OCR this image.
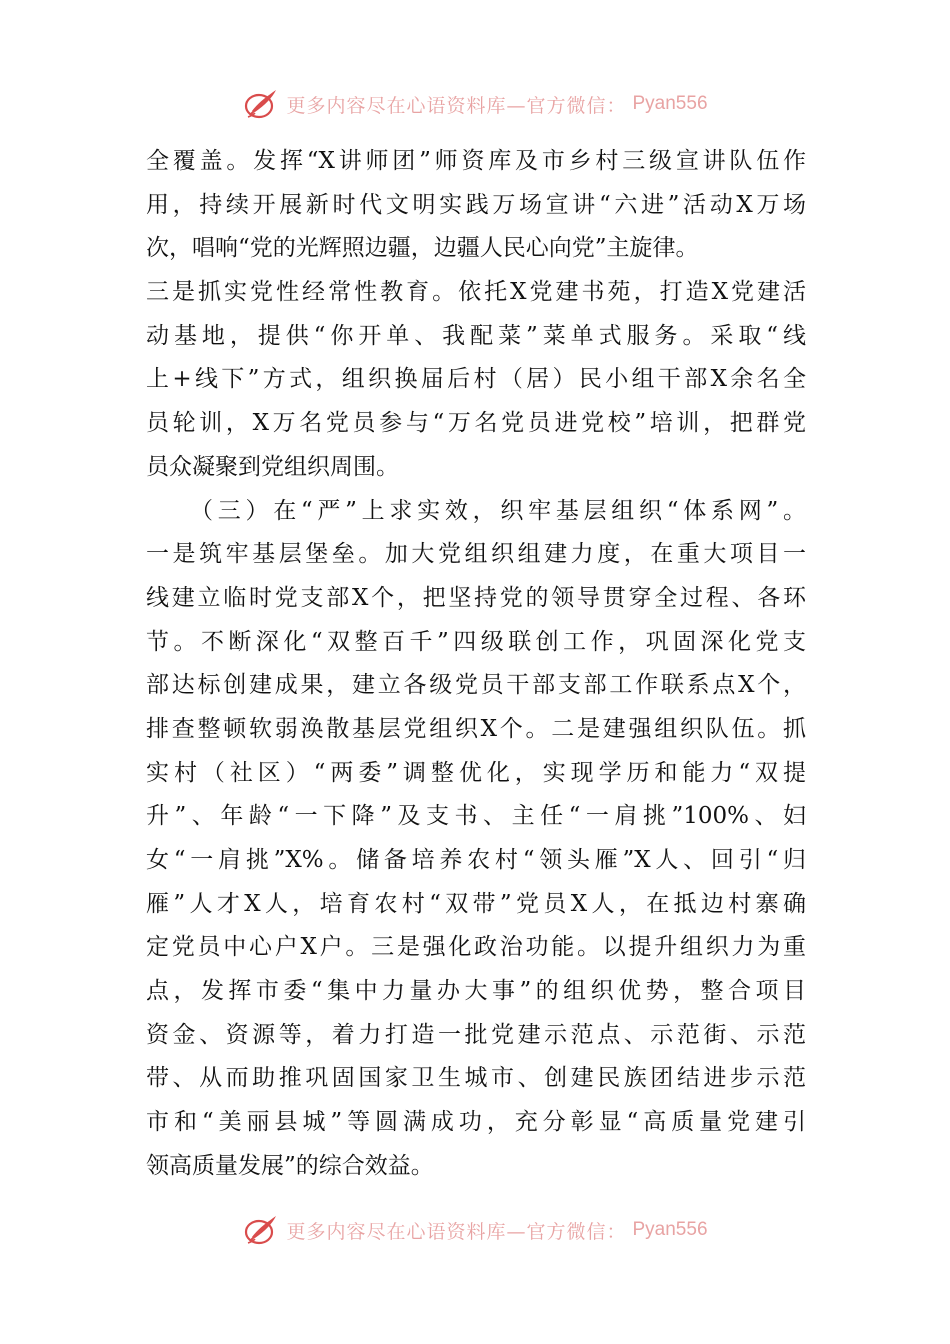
更多内容尽在心语资料库—官方微信： Pyan556
全覆盖。发挥“X讲师团”师资库及市乡村三级宣讲队伍作
用，持续开展新时代文明实践万场宣讲“六进”活动X万场
次，唱响“党的光辉照边疆，边疆人民心向党”主旋律。
三是抓实党性经常性教育。依托X党建书苑，打造X党建活
动基地，提供“你开单、我配菜”菜单式服务。采取“线
上+线下”方式，组织换届后村（居）民小组干部X余名全
员轮训，X万名党员参与“万名党员进党校”培训，把群党
员众凝聚到党组织周围。
　　（三）在“严”上求实效，织牢基层组织“体系网”。
一是筑牢基层堡垒。加大党组织组建力度，在重大项目一
线建立临时党支部X个，把坚持党的领导贯穿全过程、各环
节。不断深化“双整百千”四级联创工作，巩固深化党支
部达标创建成果，建立各级党员干部支部工作联系点X个，
排查整顿软弱涣散基层党组织X个。二是建强组织队伍。抓
实村（社区）“两委”调整优化，实现学历和能力“双提
升”、年龄“一下降”及支书、主任“一肩挑”100%、妇
女“一肩挑”X%。储备培养农村“领头雁”X人、回引“归
雁”人才X人，培育农村“双带”党员X人，在抵边村寨确
定党员中心户X户。三是强化政治功能。以提升组织力为重
点，发挥市委“集中力量办大事”的组织优势，整合项目
资金、资源等，着力打造一批党建示范点、示范街、示范
带、从而助推巩固国家卫生城市、创建民族团结进步示范
市和“美丽县城”等圆满成功，充分彰显“高质量党建引
领高质量发展”的综合效益。
更多内容尽在心语资料库—官方微信： Pyan556
